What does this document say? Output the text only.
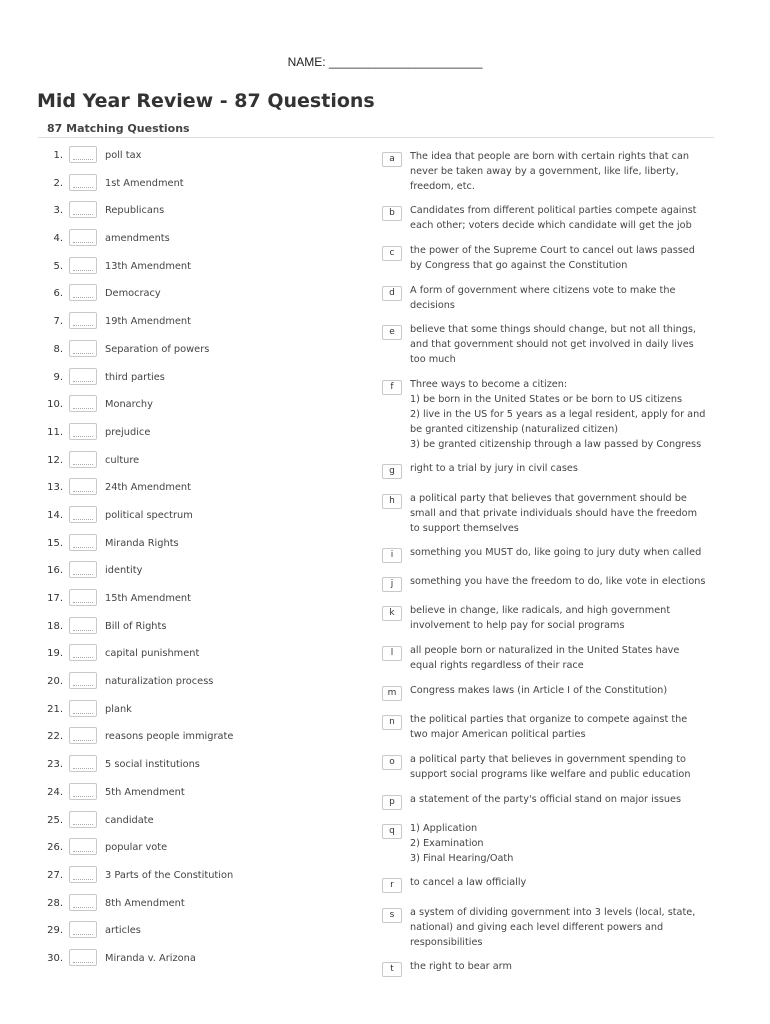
NAME: _______________________
Mid Year Review - 87 Questions
87 Matching Questions
1.	poll tax
2.	1st Amendment
3.	Republicans
4.	amendments
5.	13th Amendment
6.	Democracy
7.	19th Amendment
8.	Separation of powers
9.	third parties
10.	Monarchy
11.	prejudice
12.	culture
13.	24th Amendment
14.	political spectrum
15.	Miranda Rights
16.	identity
17.	15th Amendment
18.	Bill of Rights
19.	capital punishment
20.	naturalization process
21.	plank
22.	reasons people immigrate
23.	5 social institutions
24.	5th Amendment
25.	candidate
26.	popular vote
27.	3 Parts of the Constitution
28.	8th Amendment
29.	articles
30.	Miranda v. Arizona
a	The idea that people are born with certain rights that can
never be taken away by a government, like life, liberty,
freedom, etc.
b	Candidates from different political parties compete against
each other; voters decide which candidate will get the job
c	the power of the Supreme Court to cancel out laws passed
by Congress that go against the Constitution
d	A form of government where citizens vote to make the
decisions
e	believe that some things should change, but not all things,
and that government should not get involved in daily lives
too much
f	Three ways to become a citizen:
1) be born in the United States or be born to US citizens
2) live in the US for 5 years as a legal resident, apply for and
be granted citizenship (naturalized citizen)
3) be granted citizenship through a law passed by Congress
g	right to a trial by jury in civil cases
h	a political party that believes that government should be
small and that private individuals should have the freedom
to support themselves
i	something you MUST do, like going to jury duty when called
j	something you have the freedom to do, like vote in elections
k	believe in change, like radicals, and high government
involvement to help pay for social programs
l	all people born or naturalized in the United States have
equal rights regardless of their race
m	Congress makes laws (in Article I of the Constitution)
n	the political parties that organize to compete against the
two major American political parties
o	a political party that believes in government spending to
support social programs like welfare and public education
p	a statement of the party's official stand on major issues
q	1) Application
2) Examination
3) Final Hearing/Oath
r	to cancel a law officially
s	a system of dividing government into 3 levels (local, state,
national) and giving each level different powers and
responsibilities
t	the right to bear arm
